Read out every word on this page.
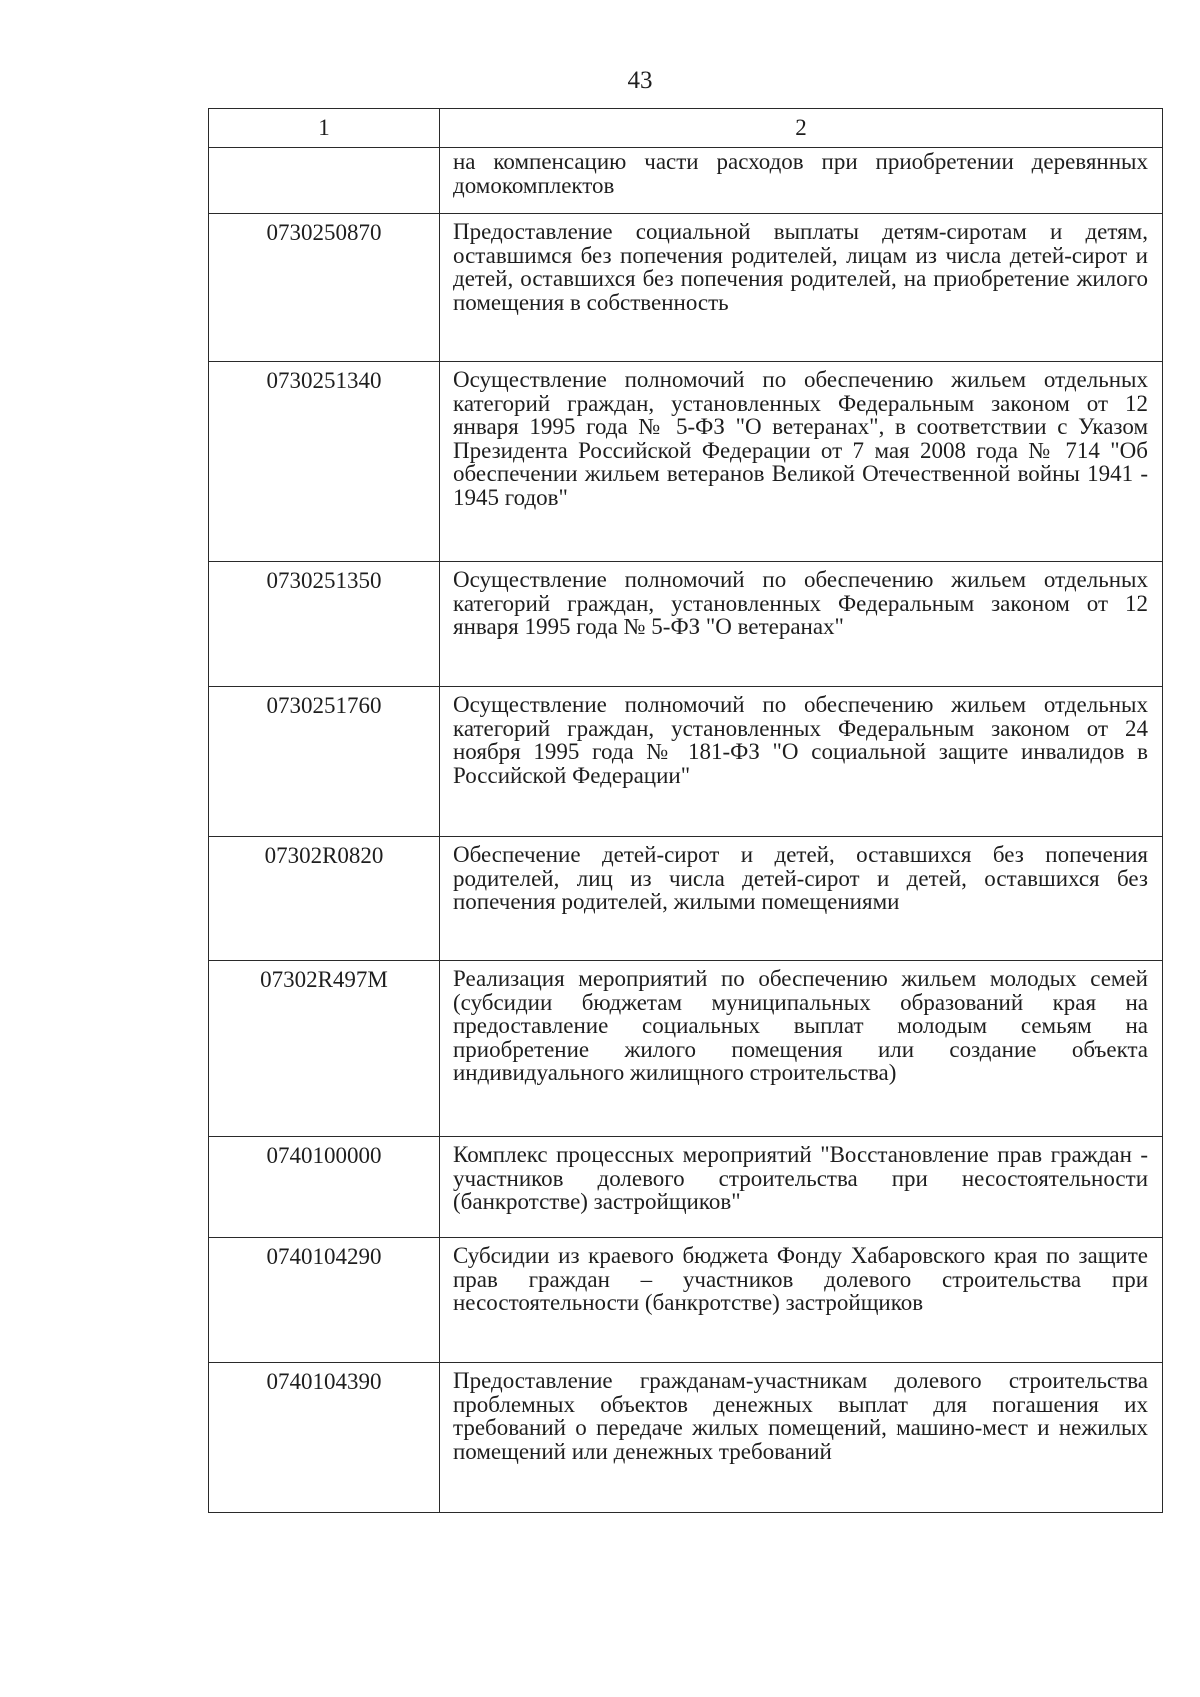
43
1	2
	на компенсацию части расходов при приобретении деревянных домокомплектов
0730250870	Предоставление социальной выплаты детям-сиротам и детям, оставшимся без попечения родителей, лицам из числа детей-сирот и детей, оставшихся без попечения родителей, на приобретение жилого помещения в собственность
0730251340	Осуществление полномочий по обеспечению жильем отдельных категорий граждан, установленных Федеральным законом от 12 января 1995 года № 5-ФЗ "О ветеранах", в соответствии с Указом Президента Российской Федерации от 7 мая 2008 года № 714 "Об обеспечении жильем ветеранов Великой Отечественной войны 1941 - 1945 годов"
0730251350	Осуществление полномочий по обеспечению жильем отдельных категорий граждан, установленных Федеральным законом от 12 января 1995 года № 5-ФЗ "О ветеранах"
0730251760	Осуществление полномочий по обеспечению жильем отдельных категорий граждан, установленных Федеральным законом от 24 ноября 1995 года № 181-ФЗ "О социальной защите инвалидов в Российской Федерации"
07302R0820	Обеспечение детей-сирот и детей, оставшихся без попечения родителей, лиц из числа детей-сирот и детей, оставшихся без попечения родителей, жилыми помещениями
07302R497M	Реализация мероприятий по обеспечению жильем молодых семей (субсидии бюджетам муниципальных образований края на предоставление социальных выплат молодым семьям на приобретение жилого помещения или создание объекта индивидуального жилищного строительства)
0740100000	Комплекс процессных мероприятий "Восстановление прав граждан - участников долевого строительства при несостоятельности (банкротстве) застройщиков"
0740104290	Субсидии из краевого бюджета Фонду Хабаровского края по защите прав граждан – участников долевого строительства при несостоятельности (банкротстве) застройщиков
0740104390	Предоставление гражданам-участникам долевого строительства проблемных объектов денежных выплат для погашения их требований о передаче жилых помещений, машино-мест и нежилых помещений или денежных требований
